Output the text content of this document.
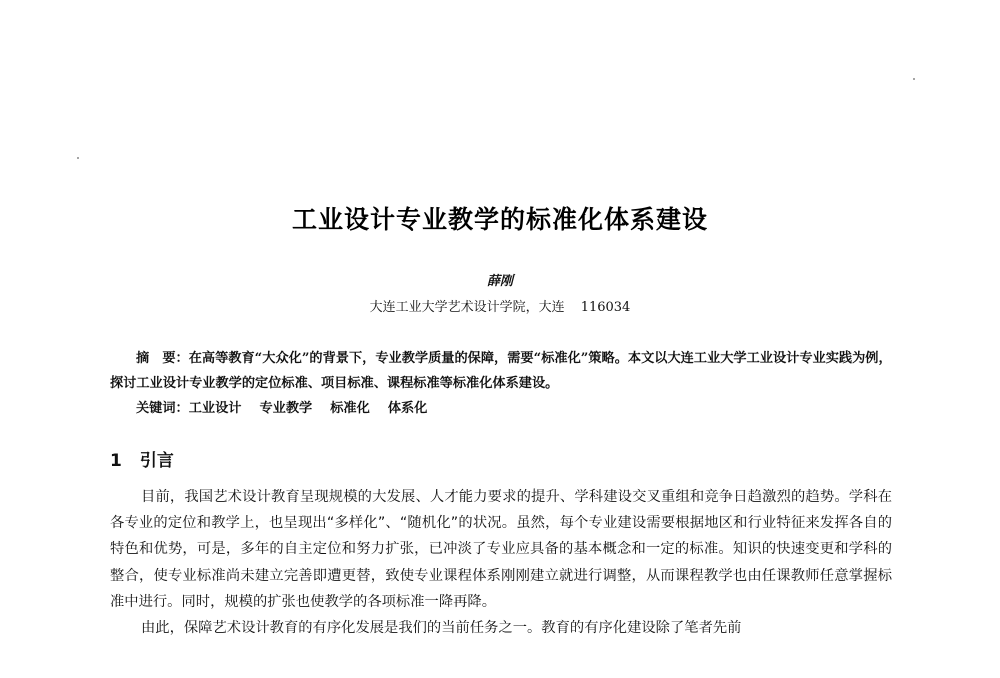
工业设计专业教学的标准化体系建设
薛刚
大连工业大学艺术设计学院，大连 116034

摘　要：在高等教育“大众化”的背景下，专业教学质量的保障，需要“标准化”策略。本文以大连工业大学工业设计专业实践为例，探讨工业设计专业教学的定位标准、项目标准、课程标准等标准化体系建设。

关键词：工业设计 专业教学 标准化 体系化

1 引言

目前，我国艺术设计教育呈现规模的大发展、人才能力要求的提升、学科建设交叉重组和竞争日趋激烈的趋势。学科在各专业的定位和教学上，也呈现出“多样化”、“随机化”的状况。虽然，每个专业建设需要根据地区和行业特征来发挥各自的特色和优势，可是，多年的自主定位和努力扩张，已冲淡了专业应具备的基本概念和一定的标准。知识的快速变更和学科的整合，使专业标准尚未建立完善即遭更替，致使专业课程体系刚刚建立就进行调整，从而课程教学也由任课教师任意掌握标准中进行。同时，规模的扩张也使教学的各项标准一降再降。

由此，保障艺术设计教育的有序化发展是我们的当前任务之一。教育的有序化建设除了笔者先前
